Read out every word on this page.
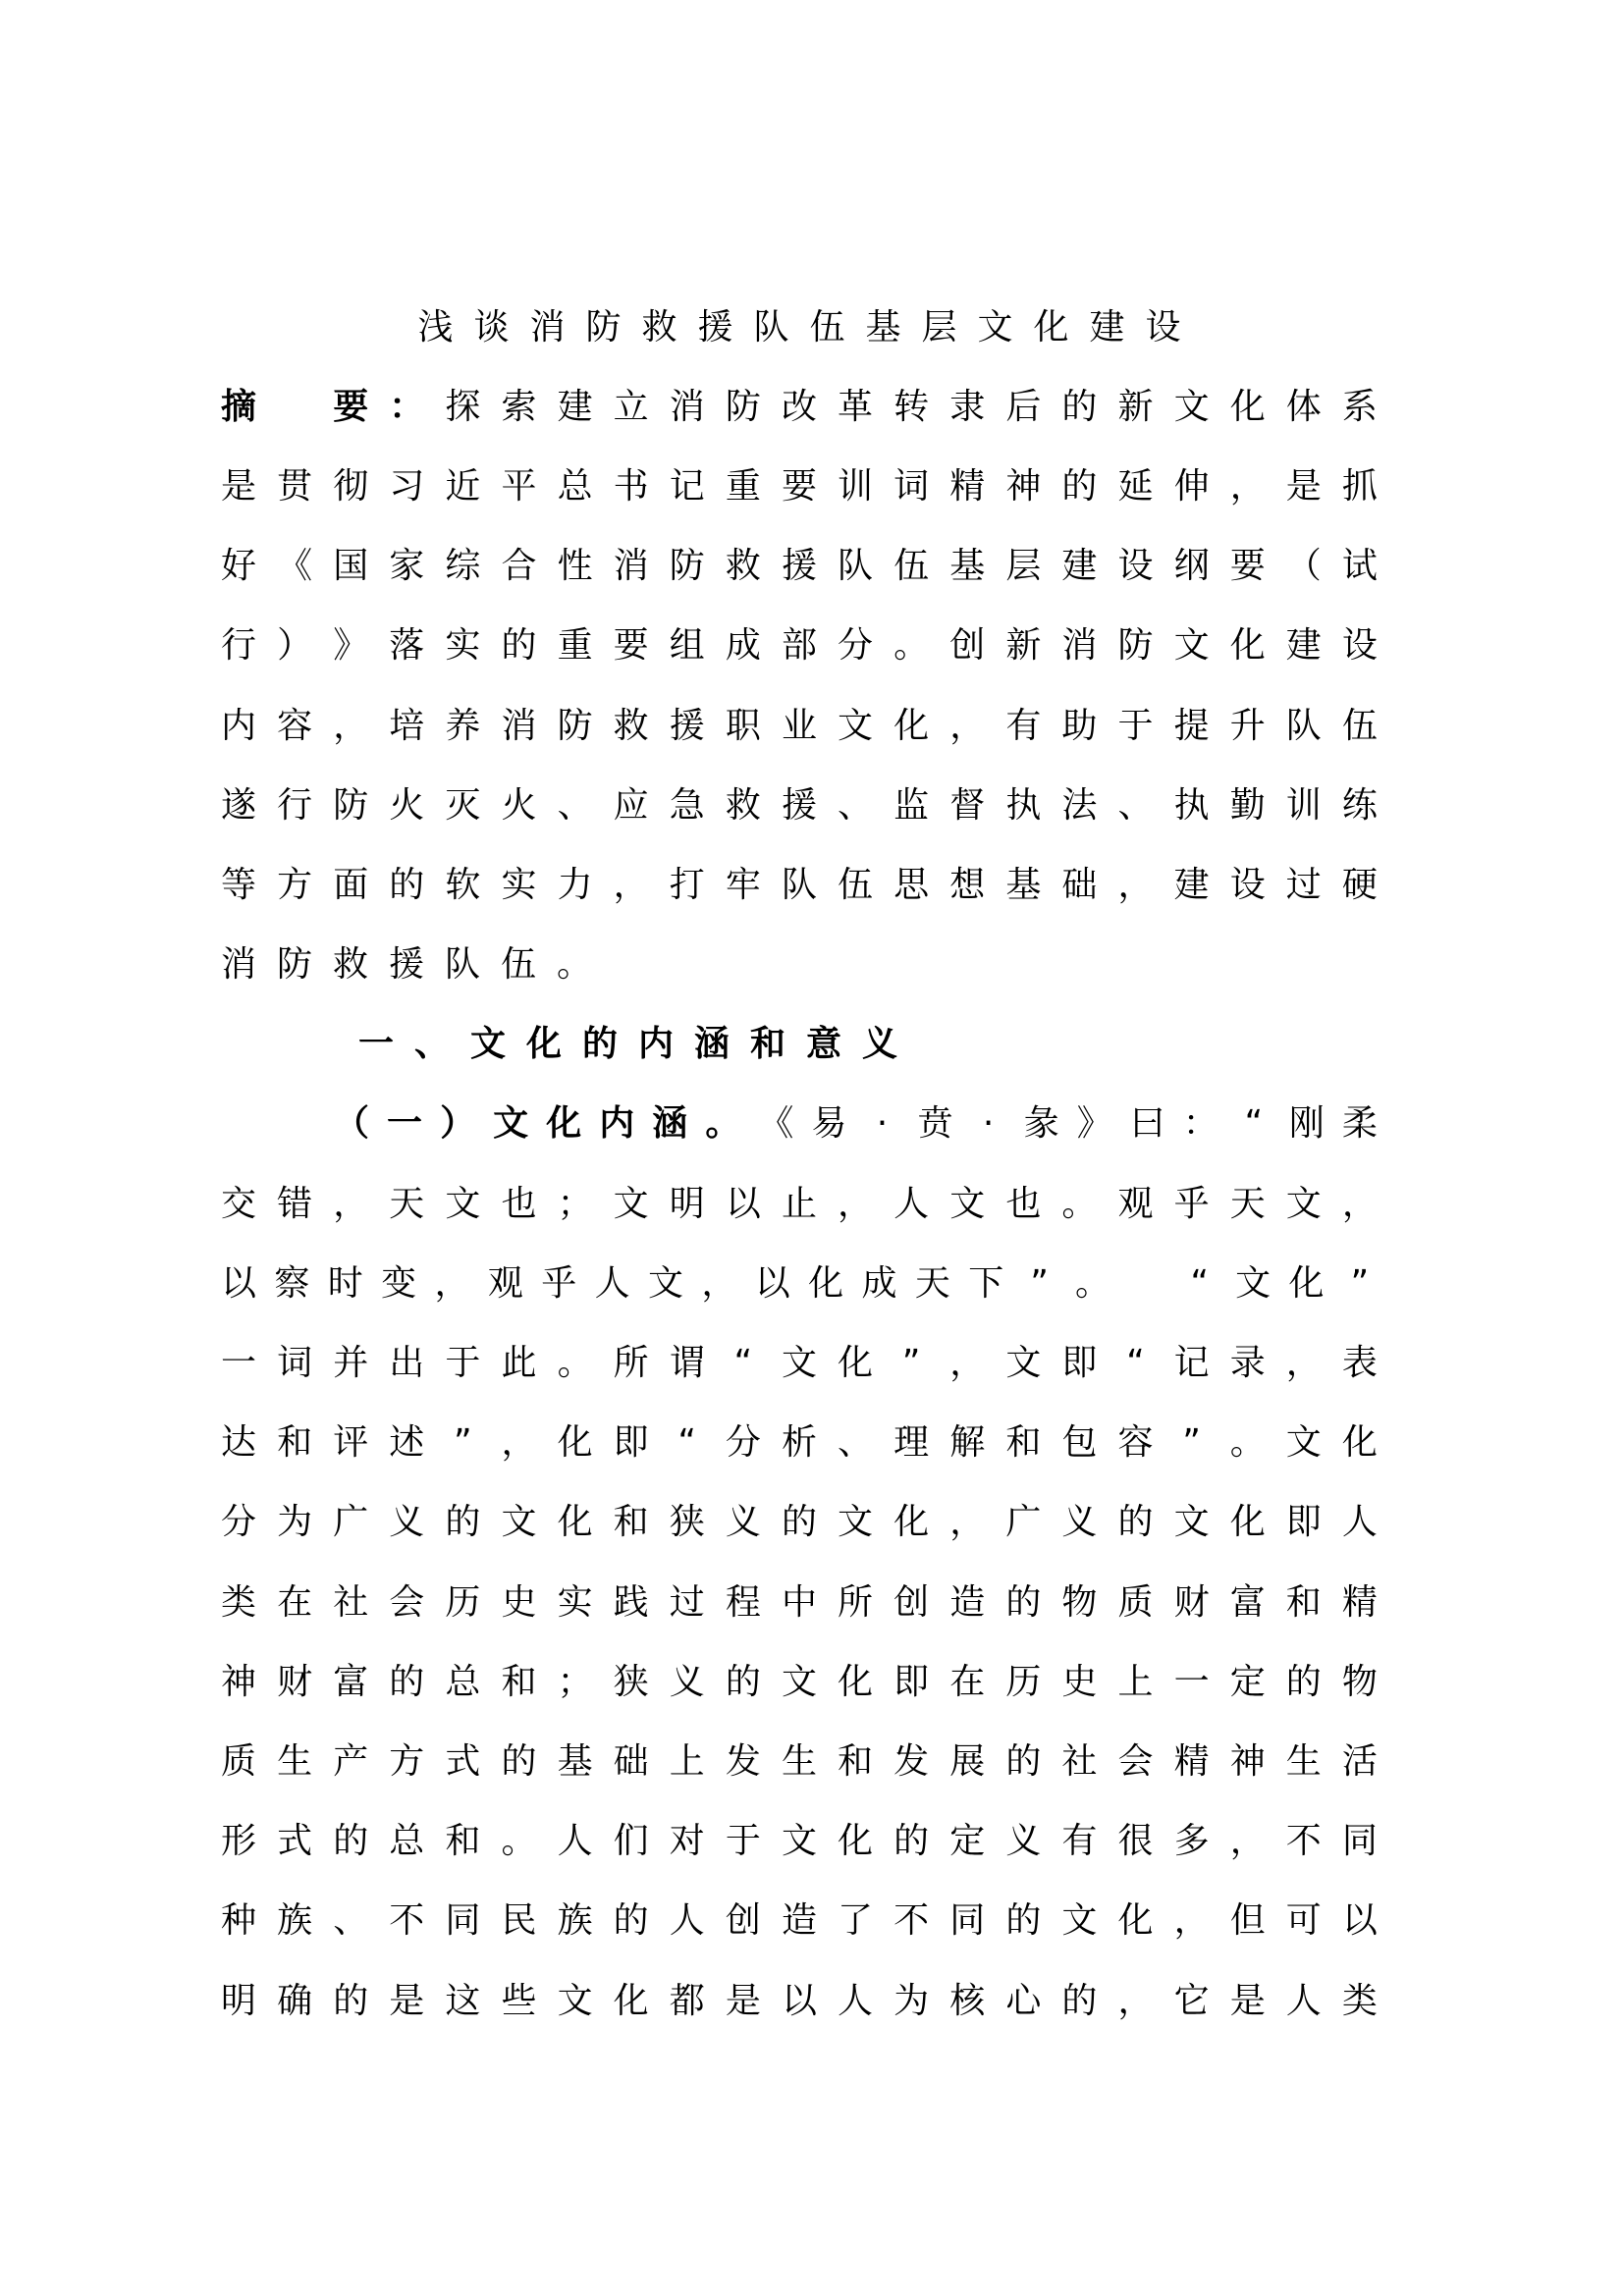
浅 谈 消 防 救 援 队 伍 基 层 文 化 建 设
摘
　 要 ： 探 索 建 立 消 防 改 革 转 隶 后 的 新 文 化 体 系
是 贯 彻 习 近 平 总 书 记 重 要 训 词 精 神 的 延 伸 ， 是 抓
好 《 国 家 综 合 性 消 防 救 援 队 伍 基 层 建 设 纲 要 （ 试
行 ） 》 落 实 的 重 要 组 成 部 分 。 创 新 消 防 文 化 建 设
内 容 ， 培 养 消 防 救 援 职 业 文 化 ， 有 助 于 提 升 队 伍
遂 行 防 火 灭 火 、 应 急 救 援 、 监 督 执 法 、 执 勤 训 练
等 方 面 的 软 实 力 ， 打 牢 队 伍 思 想 基 础 ， 建 设 过 硬
消 防 救 援 队 伍 。
一 、 文 化 的 内 涵 和 意 义
（ 一 ） 文 化 内 涵 。 《 易 · 贲 · 彖 》 曰 ： “ 刚 柔
交 错 ， 天 文 也 ； 文 明 以 止 ， 人 文 也 。 观 乎 天 文 ，
以 察 时 变 ， 观 乎 人 文 ， 以 化 成 天 下 ” 。
“ 文 化 ”
一 词 并 出 于 此 。 所 谓 “ 文 化 ” ， 文 即 “ 记 录 ， 表
达 和 评 述 ” ， 化 即 “ 分 析 、 理 解 和 包 容 ” 。 文 化
分 为 广 义 的 文 化 和 狭 义 的 文 化 ， 广 义 的 文 化 即 人
类 在 社 会 历 史 实 践 过 程 中 所 创 造 的 物 质 财 富 和 精
神 财 富 的 总 和 ； 狭 义 的 文 化 即 在 历 史 上 一 定 的 物
质 生 产 方 式 的 基 础 上 发 生 和 发 展 的 社 会 精 神 生 活
形 式 的 总 和 。 人 们 对 于 文 化 的 定 义 有 很 多 ， 不 同
种 族 、 不 同 民 族 的 人 创 造 了 不 同 的 文 化 ， 但 可 以
明 确 的 是 这 些 文 化 都 是 以 人 为 核 心 的 ， 它 是 人 类
